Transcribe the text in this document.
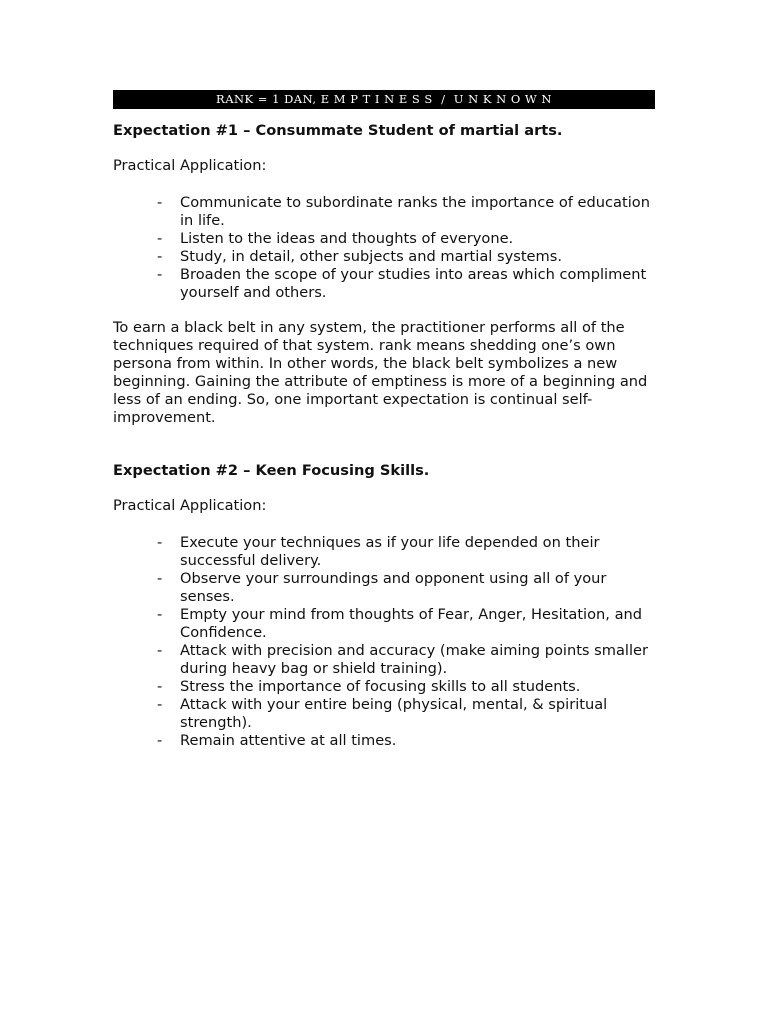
RANK = 1 DAN, E M P T I N E S S  /  U N K N O W N

Expectation #1 – Consummate Student of martial arts.

Practical Application:

- Communicate to subordinate ranks the importance of education in life.
- Listen to the ideas and thoughts of everyone.
- Study, in detail, other subjects and martial systems.
- Broaden the scope of your studies into areas which compliment yourself and others.

To earn a black belt in any system, the practitioner performs all of the techniques required of that system. rank means shedding one’s own persona from within. In other words, the black belt symbolizes a new beginning. Gaining the attribute of emptiness is more of a beginning and less of an ending. So, one important expectation is continual self-improvement.

Expectation #2 – Keen Focusing Skills.

Practical Application:

- Execute your techniques as if your life depended on their successful delivery.
- Observe your surroundings and opponent using all of your senses.
- Empty your mind from thoughts of Fear, Anger, Hesitation, and Confidence.
- Attack with precision and accuracy (make aiming points smaller during heavy bag or shield training).
- Stress the importance of focusing skills to all students.
- Attack with your entire being (physical, mental, & spiritual strength).
- Remain attentive at all times.
